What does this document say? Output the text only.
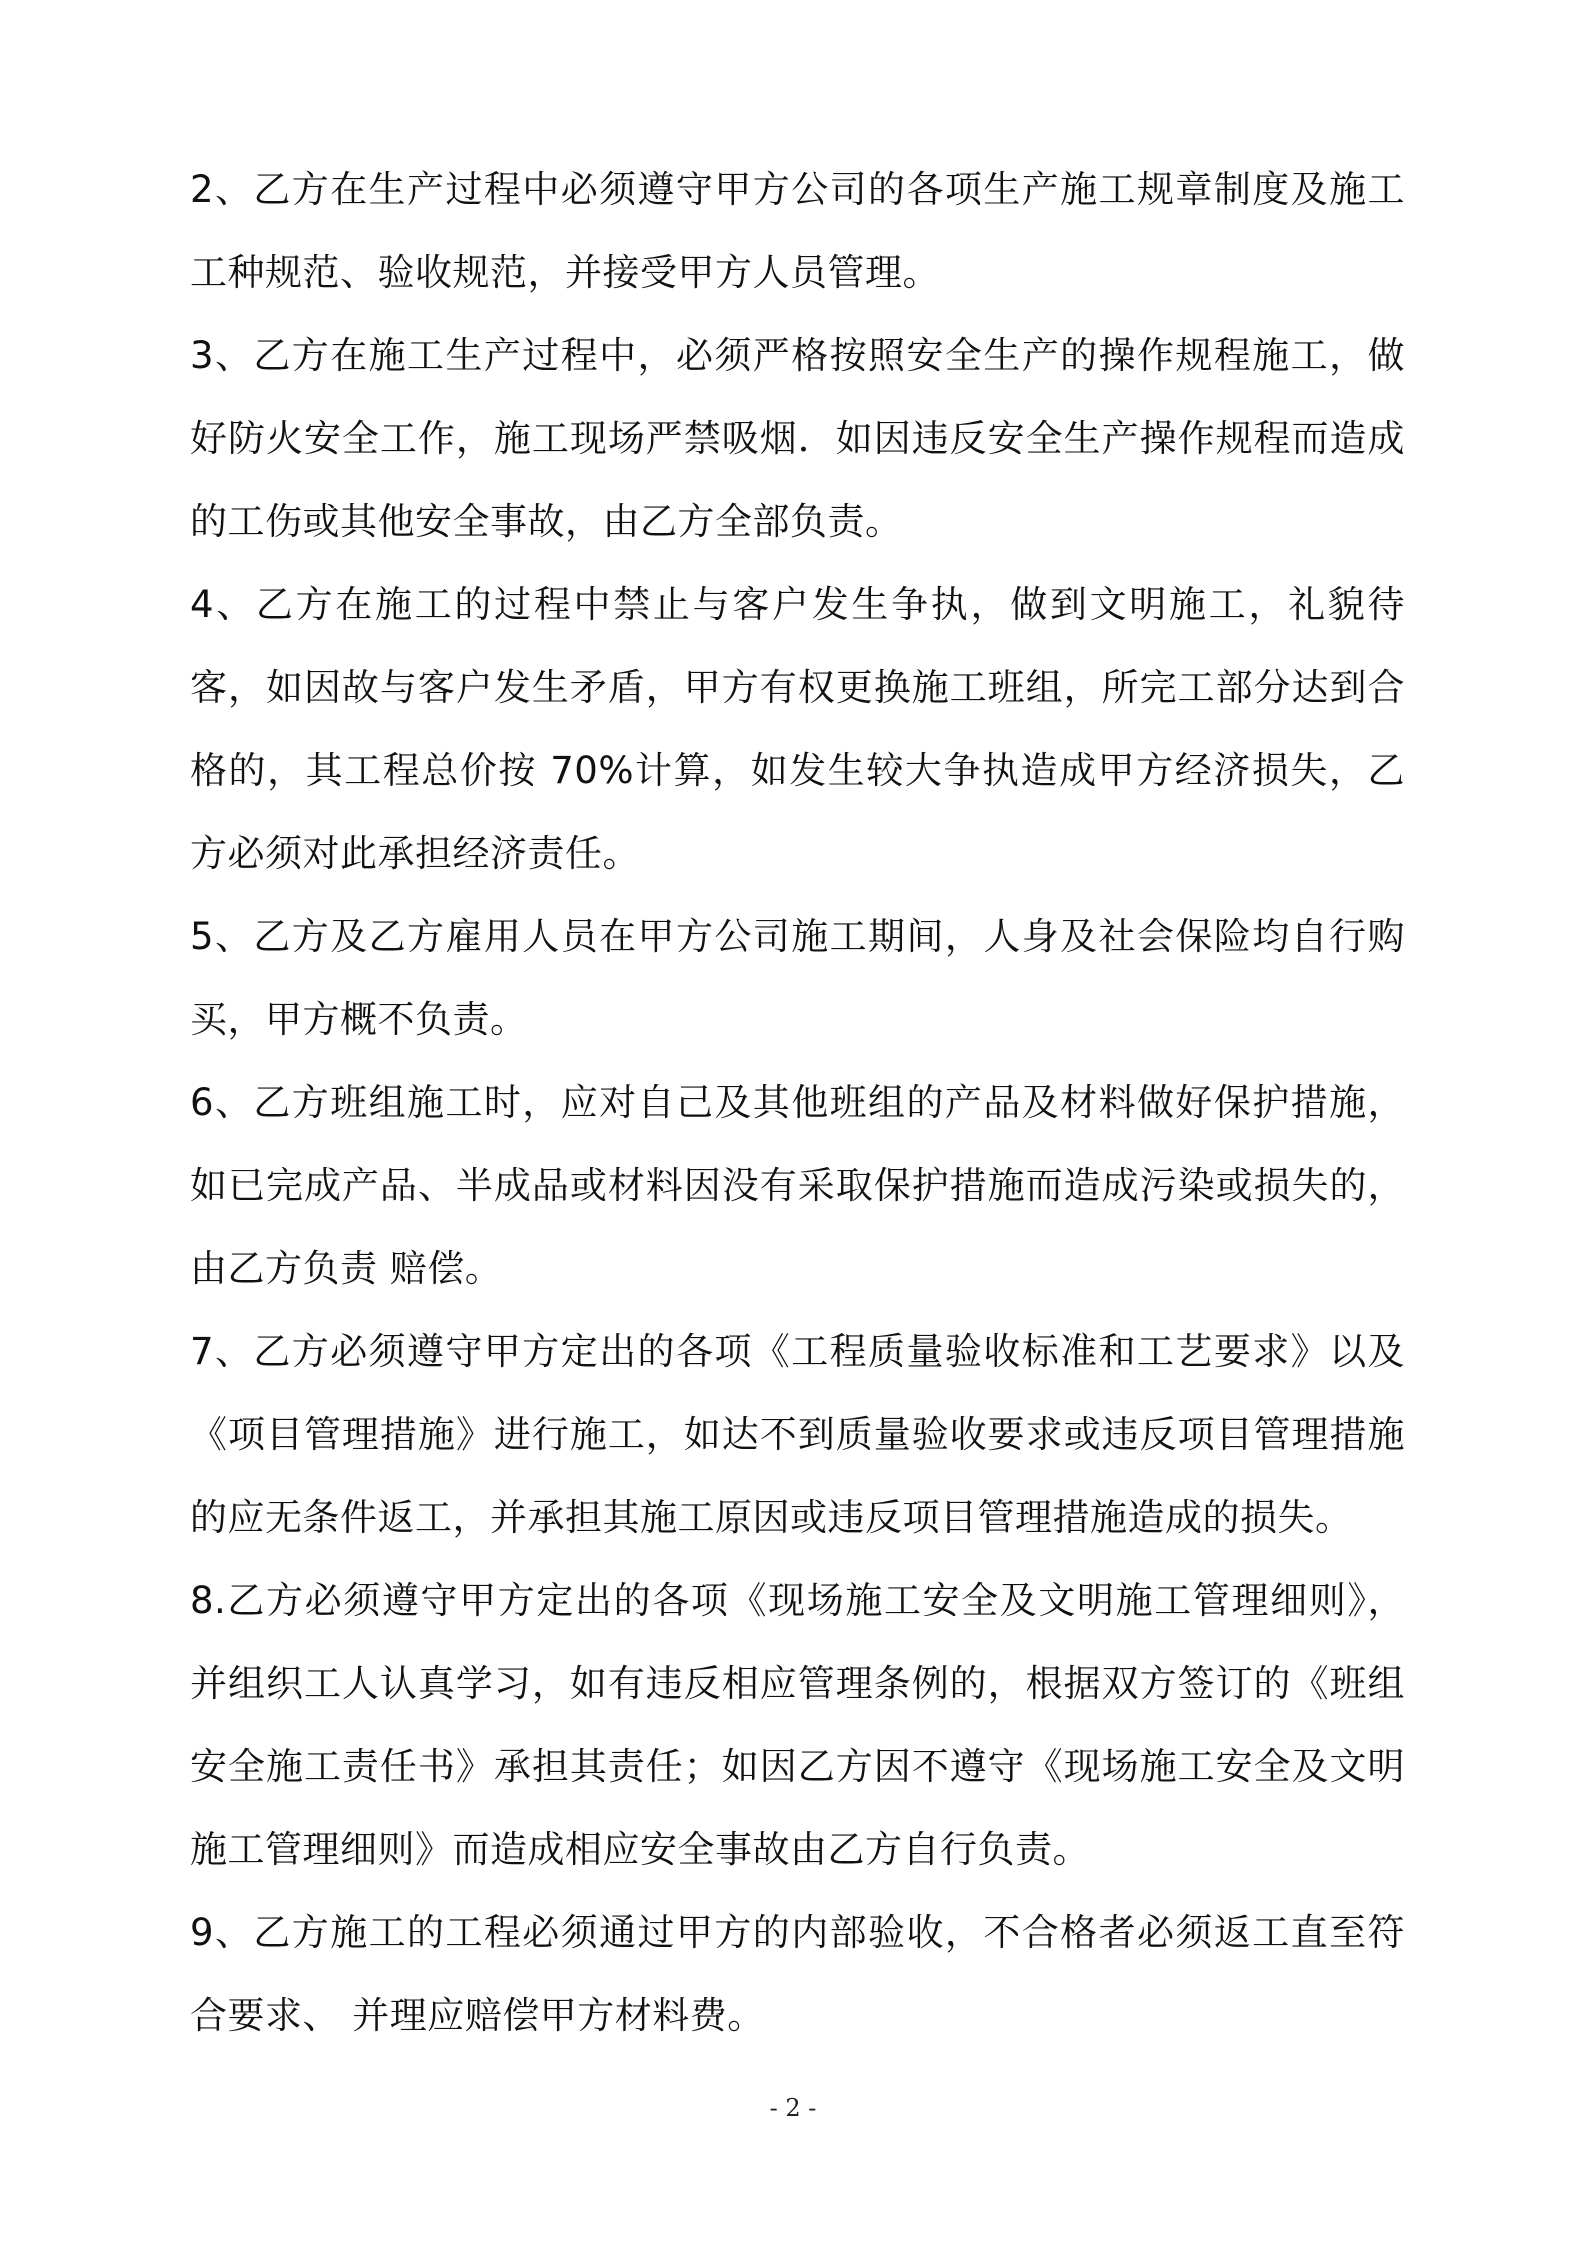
2、乙方在生产过程中必须遵守甲方公司的各项生产施工规章制度及施工工种规范、验收规范，并接受甲方人员管理。

3、乙方在施工生产过程中，必须严格按照安全生产的操作规程施工，做好防火安全工作，施工现场严禁吸烟．如因违反安全生产操作规程而造成的工伤或其他安全事故，由乙方全部负责。

4、乙方在施工的过程中禁止与客户发生争执，做到文明施工，礼貌待客，如因故与客户发生矛盾，甲方有权更换施工班组，所完工部分达到合格的，其工程总价按 70%计算，如发生较大争执造成甲方经济损失，乙方必须对此承担经济责任。

5、乙方及乙方雇用人员在甲方公司施工期间，人身及社会保险均自行购买，甲方概不负责。

6、乙方班组施工时，应对自己及其他班组的产品及材料做好保护措施，如已完成产品、半成品或材料因没有采取保护措施而造成污染或损失的，由乙方负责 赔偿。

7、乙方必须遵守甲方定出的各项《工程质量验收标准和工艺要求》以及《项目管理措施》进行施工，如达不到质量验收要求或违反项目管理措施的应无条件返工，并承担其施工原因或违反项目管理措施造成的损失。

8.乙方必须遵守甲方定出的各项《现场施工安全及文明施工管理细则》，并组织工人认真学习，如有违反相应管理条例的，根据双方签订的《班组安全施工责任书》承担其责任；如因乙方因不遵守《现场施工安全及文明施工管理细则》而造成相应安全事故由乙方自行负责。

9、乙方施工的工程必须通过甲方的内部验收，不合格者必须返工直至符合要求、 并理应赔偿甲方材料费。

- 2 -
